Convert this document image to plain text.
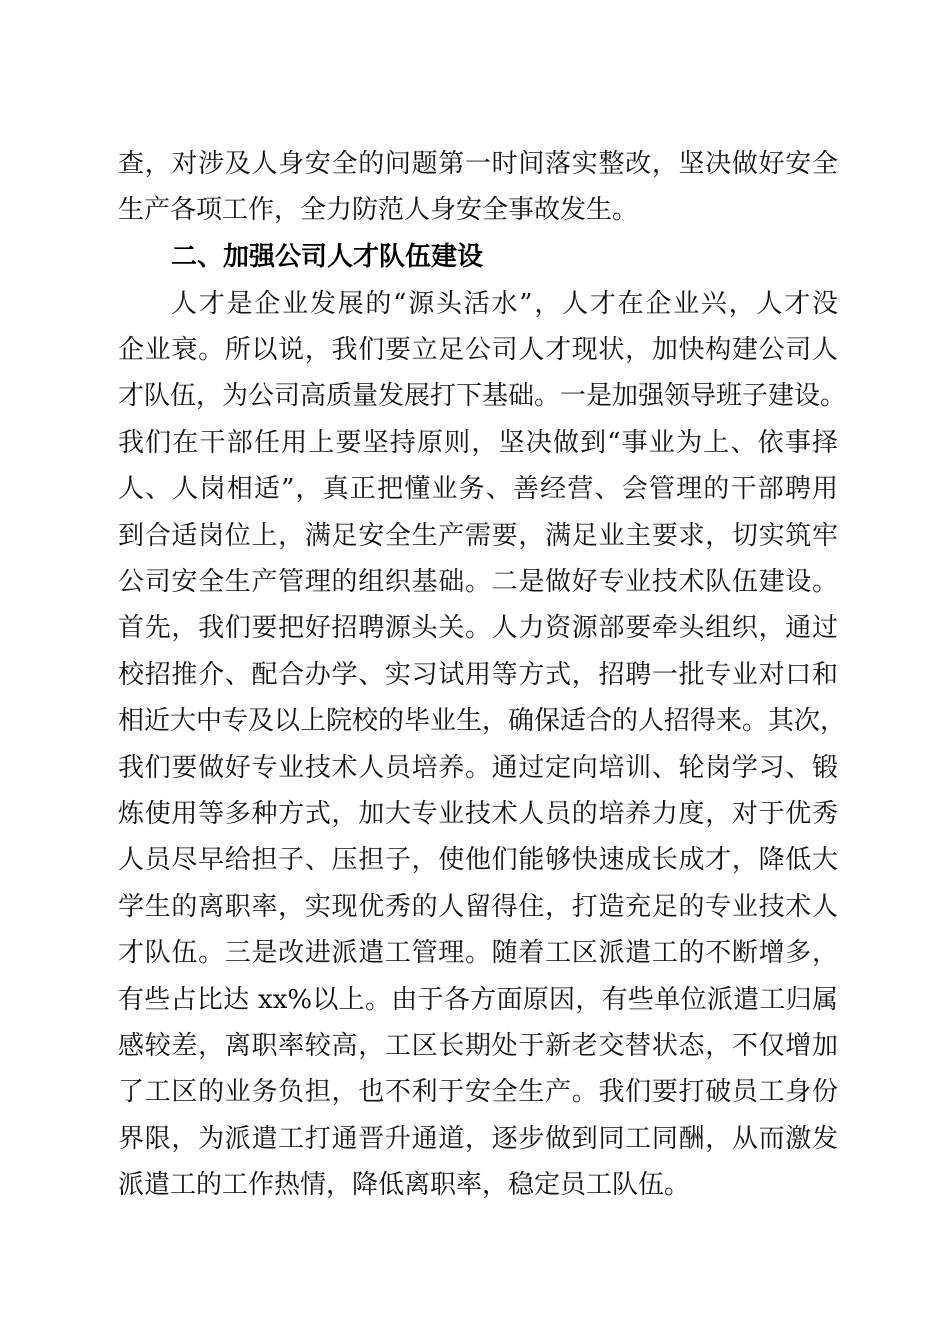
查，对涉及人身安全的问题第一时间落实整改，坚决做好安全
生产各项工作，全力防范人身安全事故发生。
二、加强公司人才队伍建设
人才是企业发展的“源头活水”，人才在企业兴，人才没
企业衰。所以说，我们要立足公司人才现状，加快构建公司人
才队伍，为公司高质量发展打下基础。一是加强领导班子建设。
我们在干部任用上要坚持原则，坚决做到“事业为上、依事择
人、人岗相适”，真正把懂业务、善经营、会管理的干部聘用
到合适岗位上，满足安全生产需要，满足业主要求，切实筑牢
公司安全生产管理的组织基础。二是做好专业技术队伍建设。
首先，我们要把好招聘源头关。人力资源部要牵头组织，通过
校招推介、配合办学、实习试用等方式，招聘一批专业对口和
相近大中专及以上院校的毕业生，确保适合的人招得来。其次，
我们要做好专业技术人员培养。通过定向培训、轮岗学习、锻
炼使用等多种方式，加大专业技术人员的培养力度，对于优秀
人员尽早给担子、压担子，使他们能够快速成长成才，降低大
学生的离职率，实现优秀的人留得住，打造充足的专业技术人
才队伍。三是改进派遣工管理。随着工区派遣工的不断增多，
有些占比达 xx%以上。由于各方面原因，有些单位派遣工归属
感较差，离职率较高，工区长期处于新老交替状态，不仅增加
了工区的业务负担，也不利于安全生产。我们要打破员工身份
界限，为派遣工打通晋升通道，逐步做到同工同酬，从而激发
派遣工的工作热情，降低离职率，稳定员工队伍。
